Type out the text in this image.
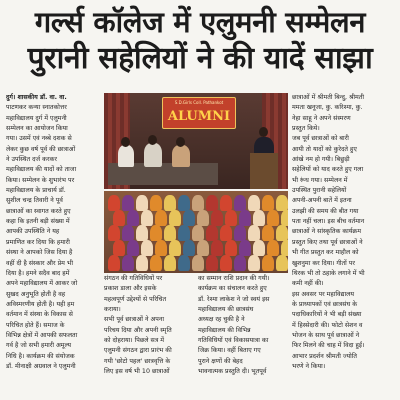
गर्ल्स कॉलेज में एलुमनी सम्मेलन
पुरानी सहेलियों ने की यादें साझा

दुर्ग। शासकीय डॉ. वा. वा.

पाटणकर कन्या स्नातकोत्तर

महाविद्यालय दुर्ग में एलुमनी

सम्मेलन का आयोजन किया

गया। उसमें एवं नब्बे दशक से

लेकर कुछ वर्ष पूर्व की छात्राओं

ने उपस्थित दर्ज करकर

महाविद्यालय की यादों को ताजा

किया। सम्मेलन के शुभारंभ पर

महाविद्यालय के प्राचार्य डॉ.

सुशील चन्द्र तिवारी ने पूर्व

छात्राओं का स्वागत करते हुए

कहा कि इतनी बड़ी संख्या में

आपकी उपस्थिति ने यह

प्रमाणित कर दिया कि हमारी

संस्था ने आपको जिस दिया है

वहीं दी है संस्कार और प्रेम भी

दिया है। हमने सदैव बाद हमें

अपने महाविद्यालय में आकर जो

सुखद अनुभूति होती है वह

अविस्मरणीय होती है। यही हम

वर्तमान में संस्था के विकास से

परिचित होते हैं। समाज के

विभिन्न क्षेत्रों में आपकी सफलता

गर्व है जो सभी हमारी अमूल्य

निधि है। कार्यक्रम की संयोजक

डॉ. मीनाक्षी अग्रवाल ने एलुमनी

S.D.Girls Coll. Pathankot
ALUMNI

संगठन की गतिविधियों पर

प्रकाश डाला और इसके

महत्वपूर्ण उद्देश्यों से परिचित

कराया।

सभी पूर्व छात्राओं ने अपना

परिचय दिया और अपनी स्मृति

को दोहराया। पिछले सत्र में

एलुमनी संगठन द्वारा प्रारंभ की

गयी 'छोटो पहल' छात्रवृत्ति के

लिए इस वर्ष भी 10 छात्राओं

का सम्मान राशि प्रदान की गयी।

कार्यक्रम का संचालन करते हुए

डॉ. रेश्मा लाकेश ने जो स्वयं इस

महाविद्यालय की छात्रसंघ

अध्यक्ष रह चुकी है ने

महाविद्यालय की विभिन्न

गतिविधियों एवं विकासयात्रा का

जिक्र किया। वहीं बिताए गए

पुराने क्षणों की बेहद

भावनात्मक प्रस्तुति दी। भूतपूर्व

छात्राओं में श्रीमती बिन्दु, श्रीमती

ममता खनूजा, कु. करिश्मा, कु.

नेहा साहू ने अपने संस्मरण

प्रस्तुत किये।

जब पूर्व छात्राओं को बारी

आयी तो यादों को कुरेदते हुए

आंखे नम हो गयी। बिछुड़ी

सहेलियों को याद करते हुए गला

भी रूंध गया। सम्मेलन में

उपस्थित पुरानी सहेलियों

अपनी-अपनी बातें में इतना

उलझी की समय की बीत गया

पता नहीं चला। इस बीच वर्तमान

छात्राओं ने सांस्कृतिक कार्यक्रम

प्रस्तुत किए तथा पूर्व छात्राओं ने

भी गीत प्रस्तुत कर माहौल को

खुशनुमा कर दिया। गीतों पर

थिरक भी तो ठहाके लगाने में भी

कमी नहीं की।

इस अवसर पर महाविद्यालय

के प्राध्यापकों एवं छात्रसंघ के

पदाधिकारियों ने भी बड़ी संख्या

में हिस्सेदारी की। फोटो सेशन व

भोजन के साथ पूर्व छात्राओं ने

फिर मिलने की चाह में विदा हुईं।

आभार प्रदर्शन श्रीमती ज्योति

भरणे ने किया।
